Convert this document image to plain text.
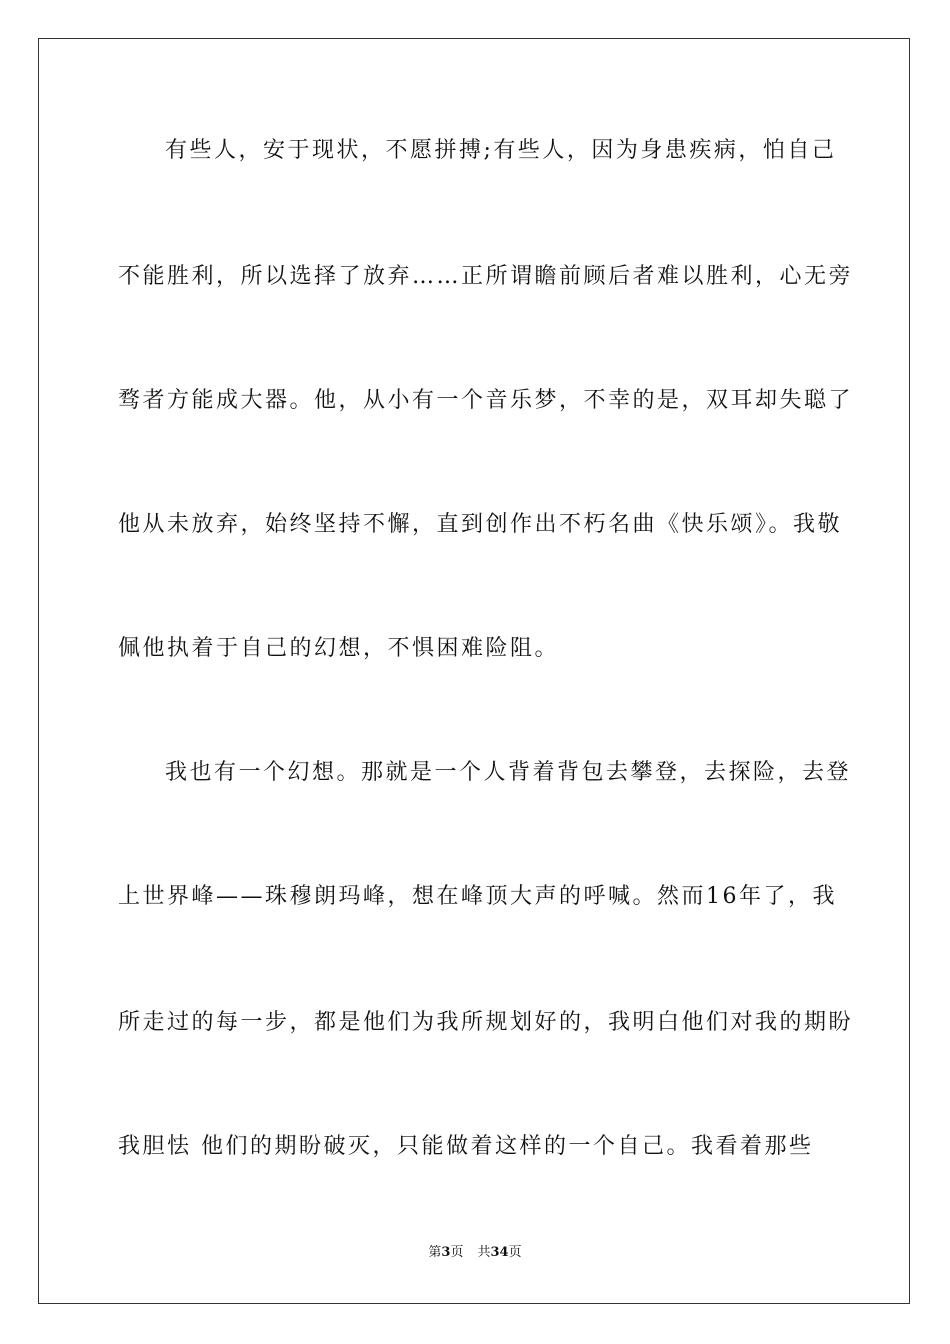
有些人，安于现状，不愿拼搏;有些人，因为身患疾病，怕自己
不能胜利，所以选择了放弃……正所谓瞻前顾后者难以胜利，心无旁
骛者方能成大器。他，从小有一个音乐梦，不幸的是，双耳却失聪了
他从未放弃，始终坚持不懈，直到创作出不朽名曲《快乐颂》。我敬
佩他执着于自己的幻想，不惧困难险阻。
我也有一个幻想。那就是一个人背着背包去攀登，去探险，去登
上世界峰——珠穆朗玛峰，想在峰顶大声的呼喊。然而16年了，我
所走过的每一步，都是他们为我所规划好的，我明白他们对我的期盼
我胆怯 他们的期盼破灭，只能做着这样的一个自己。我看着那些
第3页 共34页
